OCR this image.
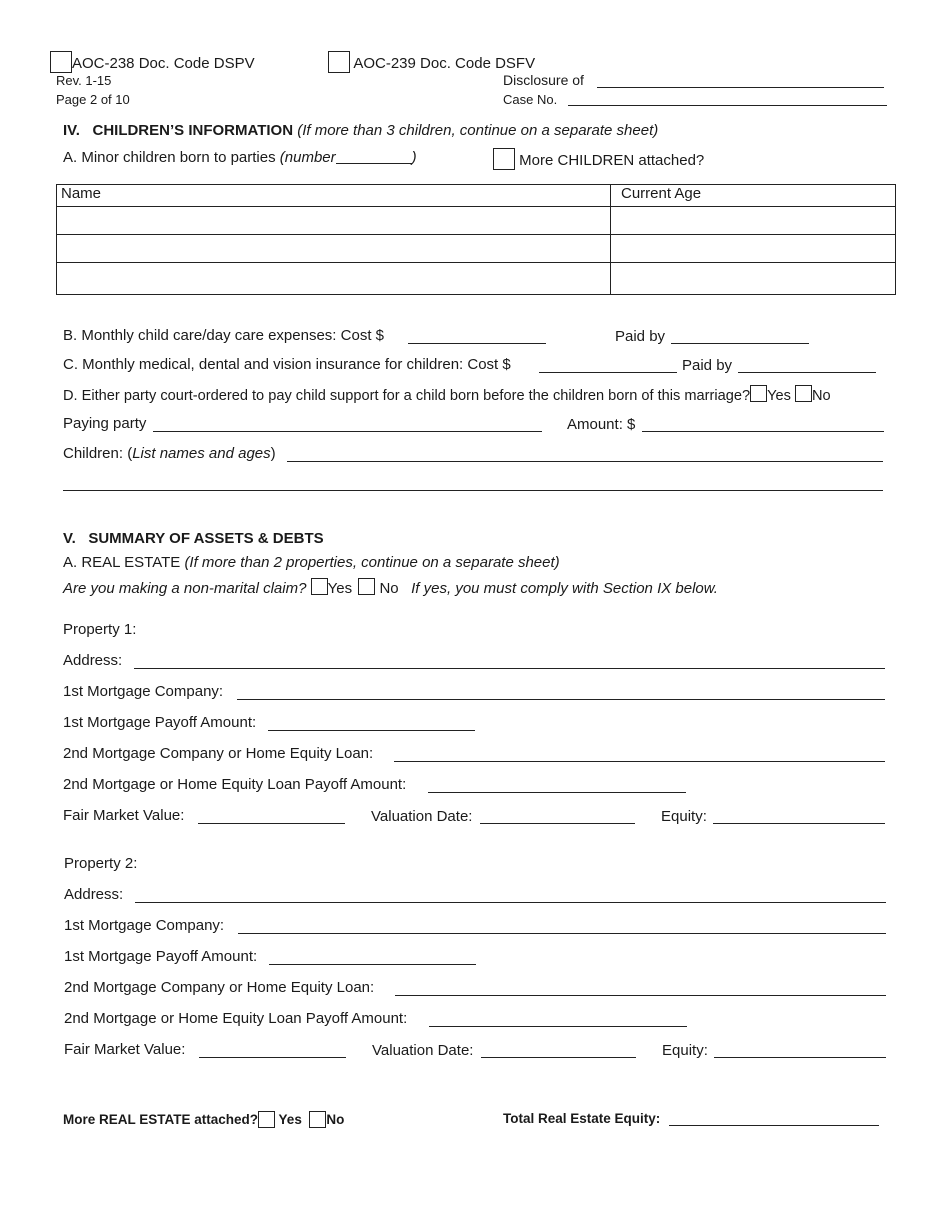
AOC-238 Doc. Code DSPV	AOC-239 Doc. Code DSFV
Rev. 1-15
Page 2 of 10
Disclosure of
Case No.
IV. CHILDREN’S INFORMATION (If more than 3 children, continue on a separate sheet)
A. Minor children born to parties (number	)	More CHILDREN attached?
Name	Current Age

B. Monthly child care/day care expenses: Cost $	Paid by
C. Monthly medical, dental and vision insurance for children: Cost $	Paid by
D. Either party court-ordered to pay child support for a child born before the children born of this marriage? Yes No
Paying party	Amount: $
Children: (List names and ages)
V. SUMMARY OF ASSETS & DEBTS
A. REAL ESTATE (If more than 2 properties, continue on a separate sheet)
Are you making a non-marital claim? Yes No If yes, you must comply with Section IX below.
Property 1:
Address:
1st Mortgage Company:
1st Mortgage Payoff Amount:
2nd Mortgage Company or Home Equity Loan:
2nd Mortgage or Home Equity Loan Payoff Amount:
Fair Market Value:	Valuation Date:	Equity:
Property 2:
Address:
1st Mortgage Company:
1st Mortgage Payoff Amount:
2nd Mortgage Company or Home Equity Loan:
2nd Mortgage or Home Equity Loan Payoff Amount:
Fair Market Value:	Valuation Date:	Equity:
More REAL ESTATE attached? Yes No	Total Real Estate Equity:
